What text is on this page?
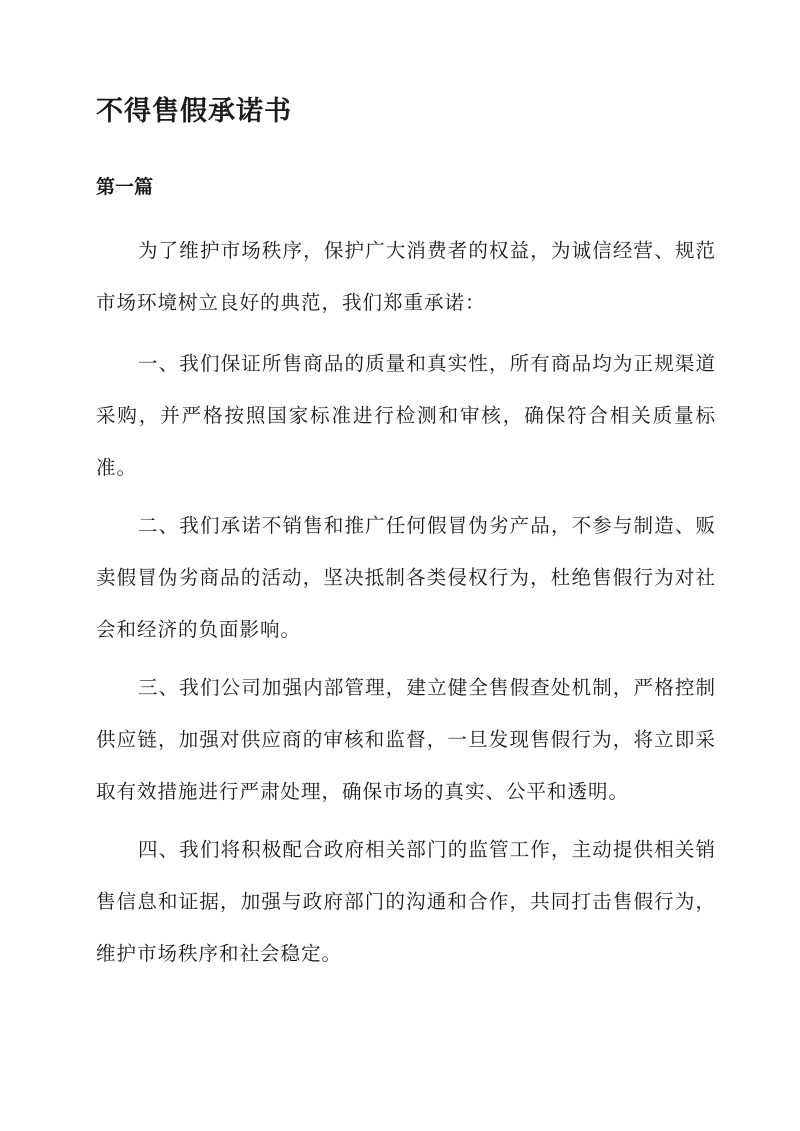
不得售假承诺书
第一篇

为了维护市场秩序，保护广大消费者的权益，为诚信经营、规范市场环境树立良好的典范，我们郑重承诺：

一、我们保证所售商品的质量和真实性，所有商品均为正规渠道采购，并严格按照国家标准进行检测和审核，确保符合相关质量标准。

二、我们承诺不销售和推广任何假冒伪劣产品，不参与制造、贩卖假冒伪劣商品的活动，坚决抵制各类侵权行为，杜绝售假行为对社会和经济的负面影响。

三、我们公司加强内部管理，建立健全售假查处机制，严格控制供应链，加强对供应商的审核和监督，一旦发现售假行为，将立即采取有效措施进行严肃处理，确保市场的真实、公平和透明。

四、我们将积极配合政府相关部门的监管工作，主动提供相关销售信息和证据，加强与政府部门的沟通和合作，共同打击售假行为，维护市场秩序和社会稳定。
